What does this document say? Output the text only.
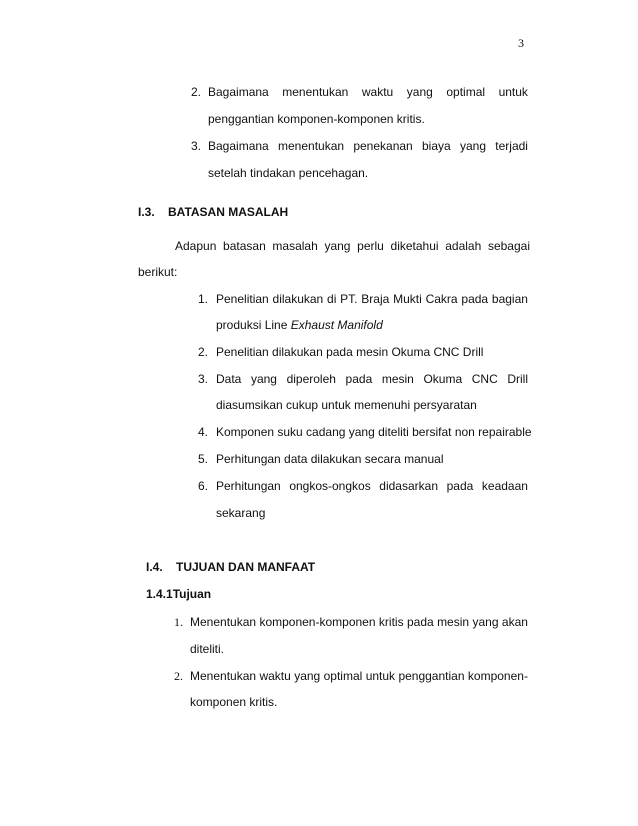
3
2. Bagaimana menentukan waktu yang optimal untuk
penggantian komponen-komponen kritis.
3. Bagaimana menentukan penekanan biaya yang terjadi
setelah tindakan pencehagan.
I.3. BATASAN MASALAH
Adapun batasan masalah yang perlu diketahui adalah sebagai
berikut:
1. Penelitian dilakukan di PT. Braja Mukti Cakra pada bagian
produksi Line Exhaust Manifold
2. Penelitian dilakukan pada mesin Okuma CNC Drill
3. Data yang diperoleh pada mesin Okuma CNC Drill
diasumsikan cukup untuk memenuhi persyaratan
4. Komponen suku cadang yang diteliti bersifat non repairable
5. Perhitungan data dilakukan secara manual
6. Perhitungan ongkos-ongkos didasarkan pada keadaan
sekarang
I.4. TUJUAN DAN MANFAAT
1.4.1Tujuan
1. Menentukan komponen-komponen kritis pada mesin yang akan
diteliti.
2. Menentukan waktu yang optimal untuk penggantian komponen-
komponen kritis.
